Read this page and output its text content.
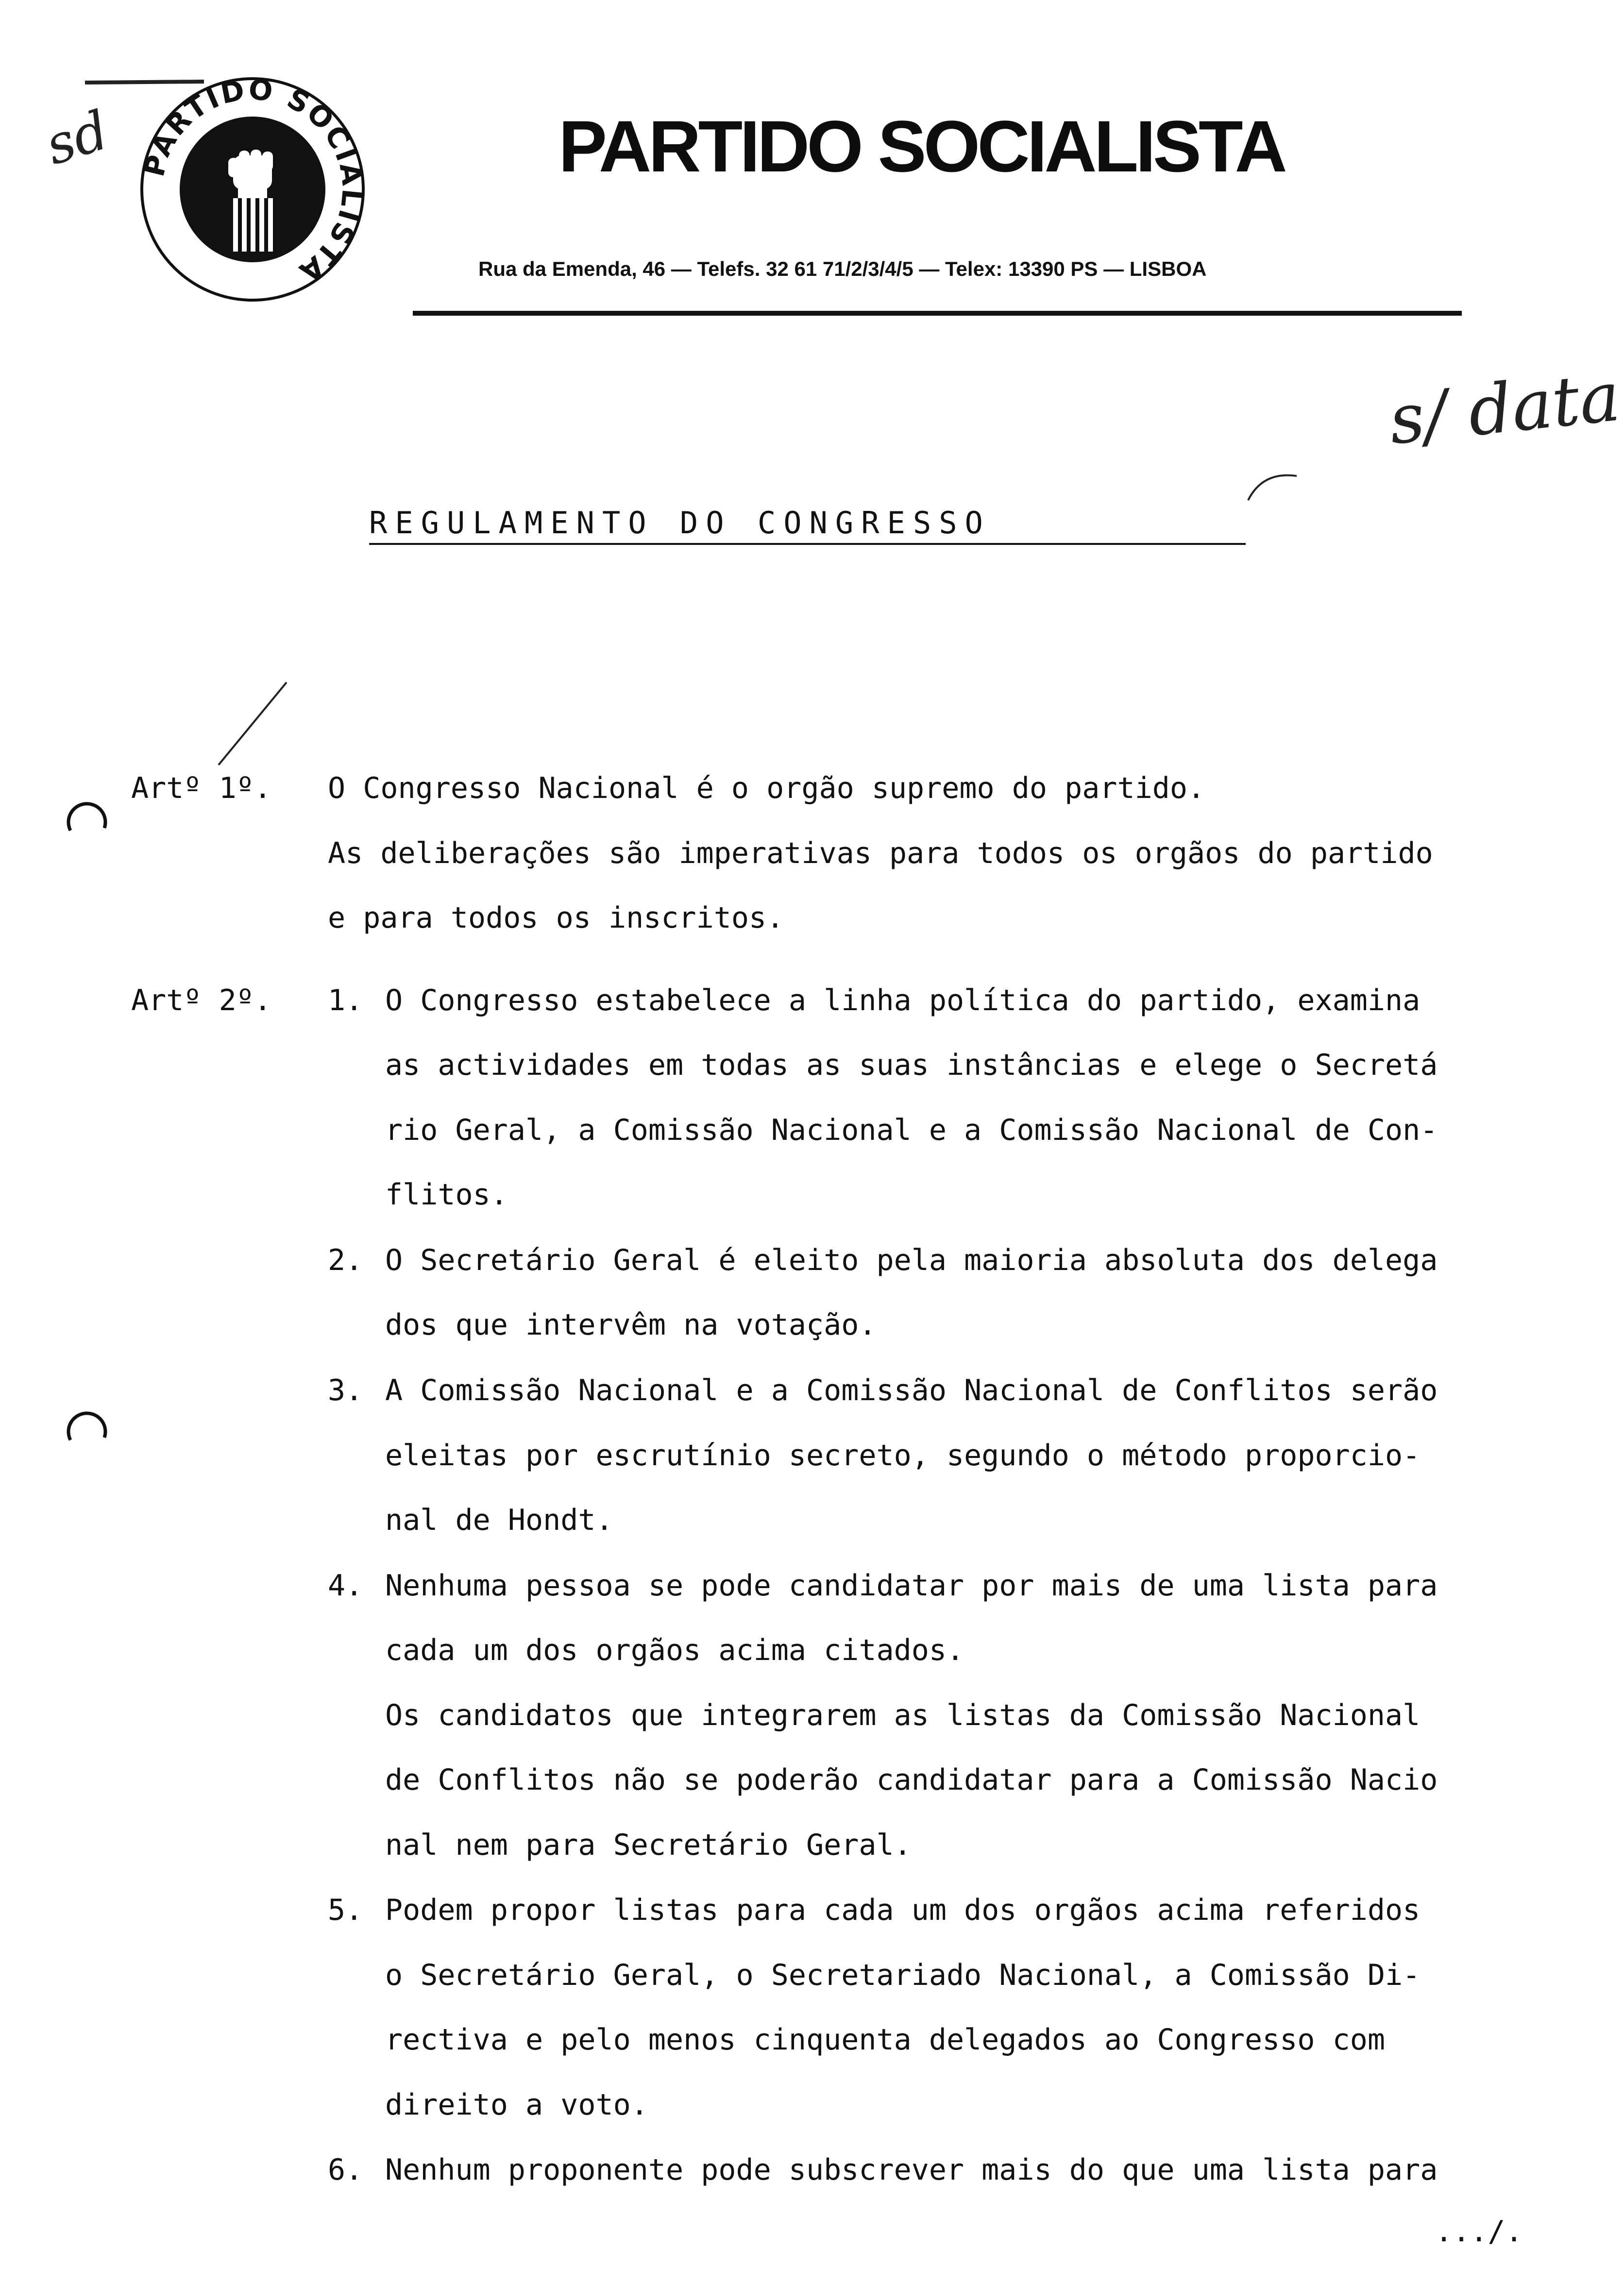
PARTIDO SOCIALISTA
PARTIDO SOCIALISTA
Rua da Emenda, 46 — Telefs. 32 61 71/2/3/4/5 — Telex: 13390 PS — LISBOA
sd
s/ data
REGULAMENTO DO CONGRESSO
Artº 1º. O Congresso Nacional é o orgão supremo do partido.
As deliberações são imperativas para todos os orgãos do partido
e para todos os inscritos.
Artº 2º. 1. O Congresso estabelece a linha política do partido, examina
as actividades em todas as suas instâncias e elege o Secretá
rio Geral, a Comissão Nacional e a Comissão Nacional de Con-
flitos.
2. O Secretário Geral é eleito pela maioria absoluta dos delega
dos que intervêm na votação.
3. A Comissão Nacional e a Comissão Nacional de Conflitos serão
eleitas por escrutínio secreto, segundo o método proporcio-
nal de Hondt.
4. Nenhuma pessoa se pode candidatar por mais de uma lista para
cada um dos orgãos acima citados.
Os candidatos que integrarem as listas da Comissão Nacional
de Conflitos não se poderão candidatar para a Comissão Nacio
nal nem para Secretário Geral.
5. Podem propor listas para cada um dos orgãos acima referidos
o Secretário Geral, o Secretariado Nacional, a Comissão Di-
rectiva e pelo menos cinquenta delegados ao Congresso com
direito a voto.
6. Nenhum proponente pode subscrever mais do que uma lista para
.../.
